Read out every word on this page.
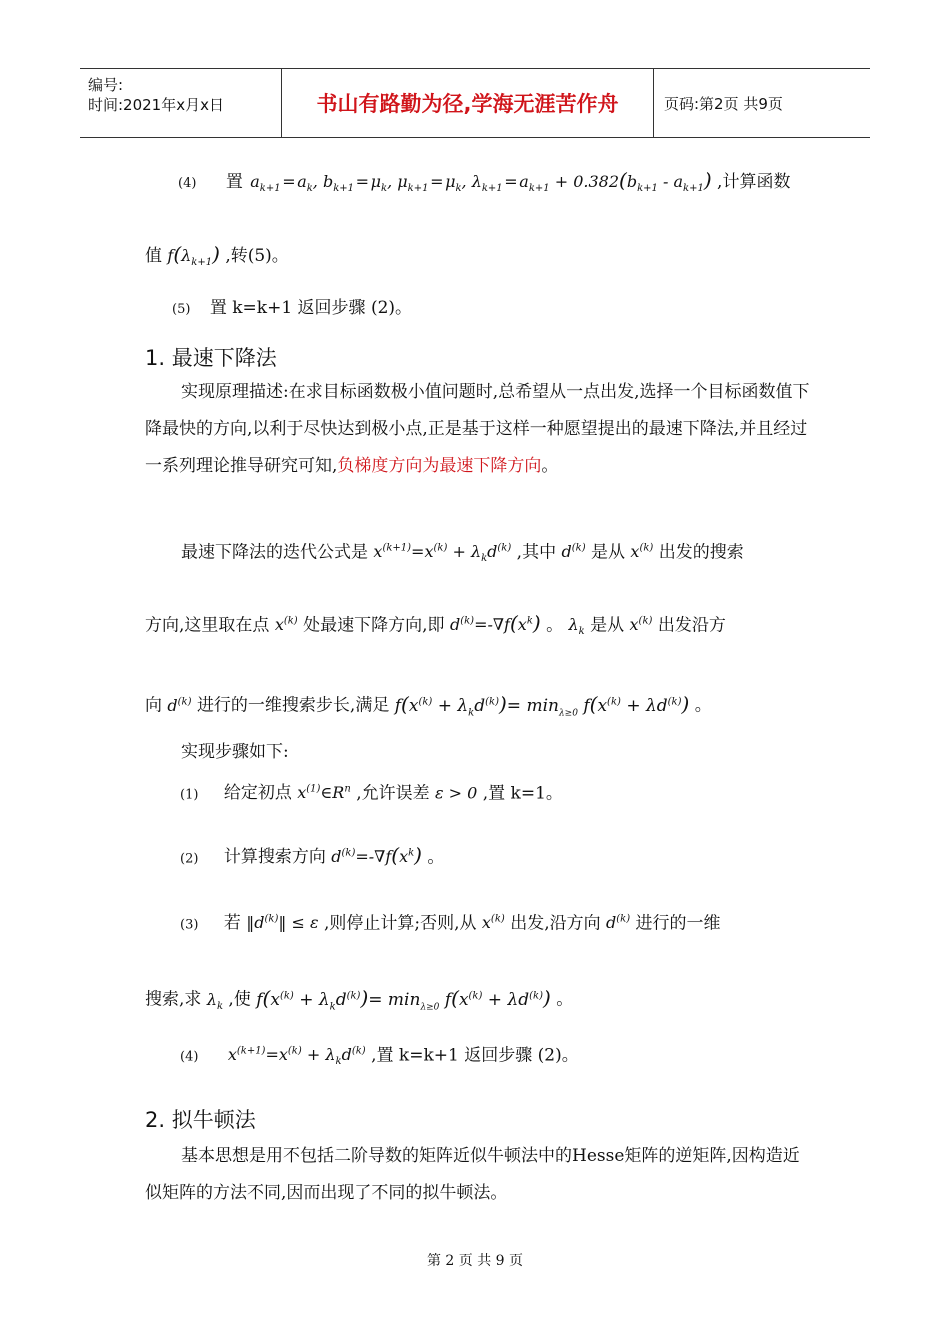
编号:
时间:2021年x月x日	书山有路勤为径,学海无涯苦作舟	页码:第2页 共9页
(4) 置 $a_{k+1}$ = $a_k$, $b_{k+1}$ = $\mu_k$, $\mu_{k+1}$ = $\mu_k$, $\lambda_{k+1}$ = $a_{k+1} + 0.382(b_{k+1} - a_{k+1})$ ,计算函数
值 $f(\lambda_{k+1})$ ,转(5)。
(5) 置 k=k+1 返回步骤 (2)。
1. 最速下降法
实现原理描述:在求目标函数极小值问题时,总希望从一点出发,选择一个目标函数值下降最快的方向,以利于尽快达到极小点,正是基于这样一种愿望提出的最速下降法,并且经过一系列理论推导研究可知,负梯度方向为最速下降方向。
最速下降法的迭代公式是 $x^{(k+1)}=x^{(k)} + \lambda_kd^{(k)}$ ,其中 $d^{(k)}$ 是从 $x^{(k)}$ 出发的搜索
方向,这里取在点 $x^{(k)}$ 处最速下降方向,即 $d^{(k)}=-\nabla f(x^k)$ 。 $\lambda_k$ 是从 $x^{(k)}$ 出发沿方
向 $d^{(k)}$ 进行的一维搜索步长,满足 $f(x^{(k)} + \lambda_kd^{(k)})= \min_{\lambda\ge 0} f(x^{(k)} + \lambda d^{(k)})$ 。
实现步骤如下:
(1) 给定初点 $x^{(1)}\in R^n$ ,允许误差 ε > 0 ,置 k=1。
(2) 计算搜索方向 $d^{(k)}=-\nabla f(x^k)$ 。
(3) 若 $‖d^{(k)}‖ \le \varepsilon$ ,则停止计算;否则,从 $x^{(k)}$ 出发,沿方向 $d^{(k)}$ 进行的一维
搜索,求 $\lambda_k$ ,使 $f(x^{(k)} + \lambda_kd^{(k)})= \min_{\lambda\ge 0} f(x^{(k)} + \lambda d^{(k)})$ 。
(4) $x^{(k+1)}=x^{(k)} + \lambda_kd^{(k)}$ ,置 k=k+1 返回步骤 (2)。
2. 拟牛顿法
基本思想是用不包括二阶导数的矩阵近似牛顿法中的Hesse矩阵的逆矩阵,因构造近似矩阵的方法不同,因而出现了不同的拟牛顿法。
第 2 页 共 9 页
